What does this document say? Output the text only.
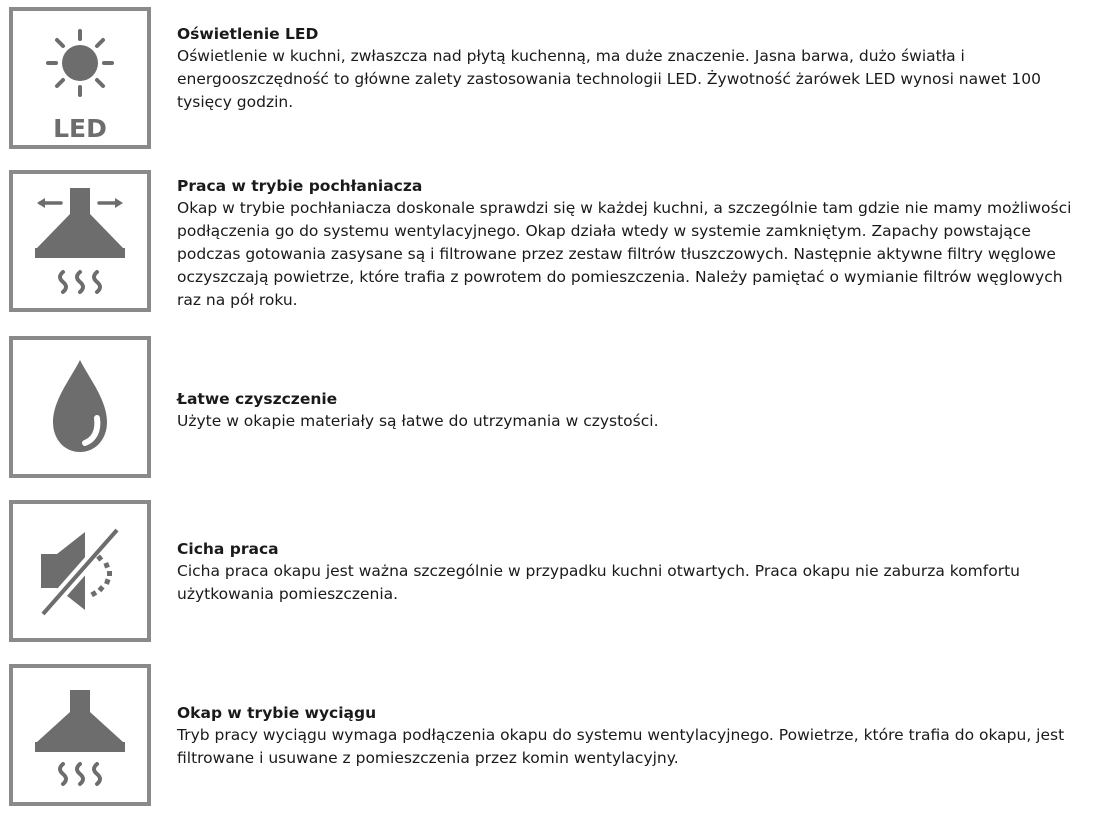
LED

Oświetlenie LED

Oświetlenie w kuchni, zwłaszcza nad płytą kuchenną, ma duże znaczenie. Jasna barwa, dużo światła i energooszczędność to główne zalety zastosowania technologii LED. Żywotność żarówek LED wynosi nawet 100 tysięcy godzin.

Praca w trybie pochłaniacza

Okap w trybie pochłaniacza doskonale sprawdzi się w każdej kuchni, a szczególnie tam gdzie nie mamy możliwości podłączenia go do systemu wentylacyjnego. Okap działa wtedy w systemie zamkniętym. Zapachy powstające podczas gotowania zasysane są i filtrowane przez zestaw filtrów tłuszczowych. Następnie aktywne filtry węglowe oczyszczają powietrze, które trafia z powrotem do pomieszczenia. Należy pamiętać o wymianie filtrów węglowych raz na pół roku.

Łatwe czyszczenie

Użyte w okapie materiały są łatwe do utrzymania w czystości.

Cicha praca

Cicha praca okapu jest ważna szczególnie w przypadku kuchni otwartych. Praca okapu nie zaburza komfortu użytkowania pomieszczenia.

Okap w trybie wyciągu

Tryb pracy wyciągu wymaga podłączenia okapu do systemu wentylacyjnego. Powietrze, które trafia do okapu, jest filtrowane i usuwane z pomieszczenia przez komin wentylacyjny.
